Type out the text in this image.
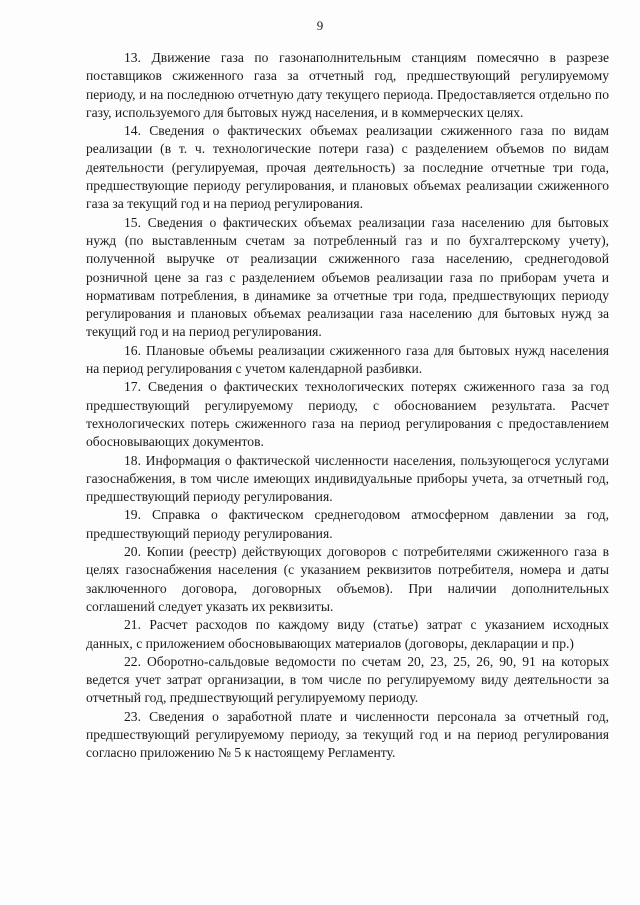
9

13. Движение газа по газонаполнительным станциям помесячно в разрезе поставщиков сжиженного газа за отчетный год, предшествующий регулируемому периоду, и на последнюю отчетную дату текущего периода. Предоставляется отдельно по газу, используемого для бытовых нужд населения, и в коммерческих целях.

14. Сведения о фактических объемах реализации сжиженного газа по видам реализации (в т. ч. технологические потери газа) с разделением объемов по видам деятельности (регулируемая, прочая деятельность) за последние отчетные три года, предшествующие периоду регулирования, и плановых объемах реализации сжиженного газа за текущий год и на период регулирования.

15. Сведения о фактических объемах реализации газа населению для бытовых нужд (по выставленным счетам за потребленный газ и по бухгалтерскому учету), полученной выручке от реализации сжиженного газа населению, среднегодовой розничной цене за газ с разделением объемов реализации газа по приборам учета и нормативам потребления, в динамике за отчетные три года, предшествующих периоду регулирования и плановых объемах реализации газа населению для бытовых нужд за текущий год и на период регулирования.

16. Плановые объемы реализации сжиженного газа для бытовых нужд населения на период регулирования с учетом календарной разбивки.

17. Сведения о фактических технологических потерях сжиженного газа за год предшествующий регулируемому периоду, с обоснованием результата. Расчет технологических потерь сжиженного газа на период регулирования с предоставлением обосновывающих документов.

18. Информация о фактической численности населения, пользующегося услугами газоснабжения, в том числе имеющих индивидуальные приборы учета, за отчетный год, предшествующий периоду регулирования.

19. Справка о фактическом среднегодовом атмосферном давлении за год, предшествующий периоду регулирования.

20. Копии (реестр) действующих договоров с потребителями сжиженного газа в целях газоснабжения населения (с указанием реквизитов потребителя, номера и даты заключенного договора, договорных объемов). При наличии дополнительных соглашений следует указать их реквизиты.

21. Расчет расходов по каждому виду (статье) затрат с указанием исходных данных, с приложением обосновывающих материалов (договоры, декларации и пр.)

22. Оборотно-сальдовые ведомости по счетам 20, 23, 25, 26, 90, 91 на которых ведется учет затрат организации, в том числе по регулируемому виду деятельности за отчетный год, предшествующий регулируемому периоду.

23. Сведения о заработной плате и численности персонала за отчетный год, предшествующий регулируемому периоду, за текущий год и на период регулирования согласно приложению № 5 к настоящему Регламенту.
